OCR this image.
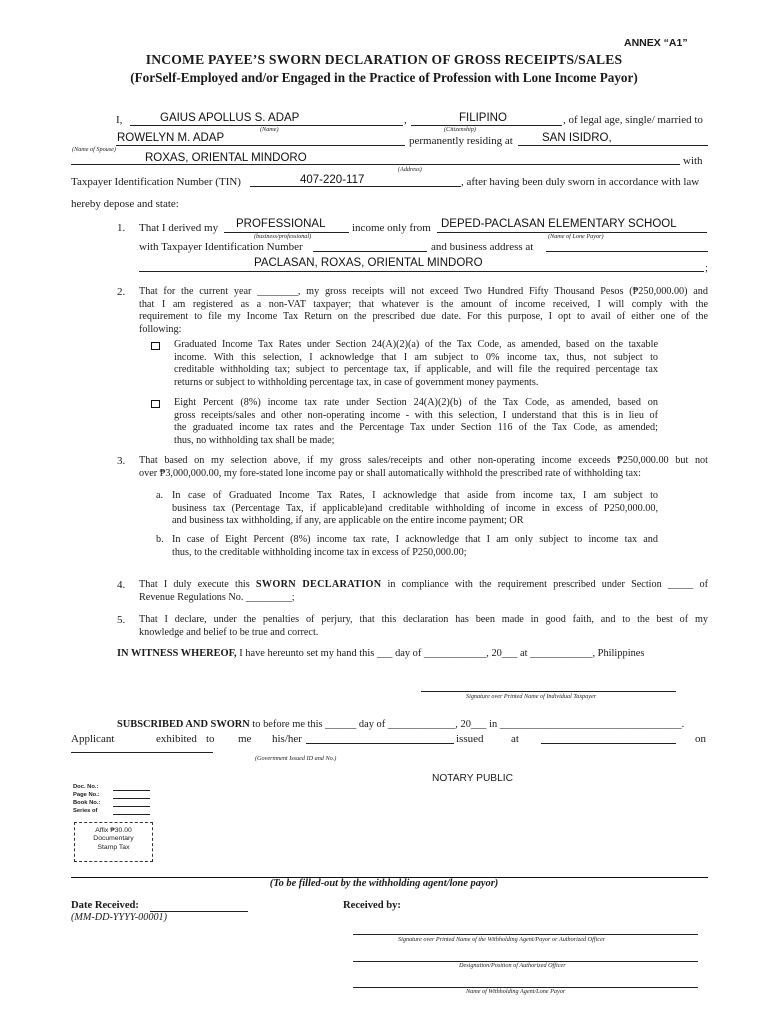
ANNEX “A1”
INCOME PAYEE’S SWORN DECLARATION OF GROSS RECEIPTS/SALES
(ForSelf-Employed and/or Engaged in the Practice of Profession with Lone Income Payor)
I,	GAIUS APOLLUS S. ADAP	,	FILIPINO	, of legal age, single/ married to
(Name)	(Citizenship)
ROWELYN M. ADAP	permanently residing at	SAN ISIDRO,
(Name of Spouse)
ROXAS, ORIENTAL MINDORO	with
(Address)
Taxpayer Identification Number (TIN)	407-220-117	, after having been duly sworn in accordance with law
hereby depose and state:
1. That I derived my PROFESSIONAL income only from DEPED-PACLASAN ELEMENTARY SCHOOL
(business/professional)	(Name of Lone Payor)
with Taxpayer Identification Number	and business address at
PACLASAN, ROXAS, ORIENTAL MINDORO	;
2. That for the current year ________, my gross receipts will not exceed Two Hundred Fifty Thousand Pesos (₱250,000.00) and
that I am registered as a non-VAT taxpayer; that whatever is the amount of income received, I will comply with the
requirement to file my Income Tax Return on the prescribed due date. For this purpose, I opt to avail of either one of the
following:
Graduated Income Tax Rates under Section 24(A)(2)(a) of the Tax Code, as amended, based on the taxable
income. With this selection, I acknowledge that I am subject to 0% income tax, thus, not subject to
creditable withholding tax; subject to percentage tax, if applicable, and will file the required percentage tax
returns or subject to withholding percentage tax, in case of government money payments.
Eight Percent (8%) income tax rate under Section 24(A)(2)(b) of the Tax Code, as amended, based on
gross receipts/sales and other non-operating income - with this selection, I understand that this is in lieu of
the graduated income tax rates and the Percentage Tax under Section 116 of the Tax Code, as amended;
thus, no withholding tax shall be made;
3. That based on my selection above, if my gross sales/receipts and other non-operating income exceeds ₱250,000.00 but not
over ₱3,000,000.00, my fore-stated lone income pay or shall automatically withhold the prescribed rate of withholding tax:
a. In case of Graduated Income Tax Rates, I acknowledge that aside from income tax, I am subject to
business tax (Percentage Tax, if applicable)and creditable withholding of income in excess of P250,000.00,
and business tax withholding, if any, are applicable on the entire income payment; OR
b. In case of Eight Percent (8%) income tax rate, I acknowledge that I am only subject to income tax and
thus, to the creditable withholding income tax in excess of P250,000.00;
4. That I duly execute this SWORN DECLARATION in compliance with the requirement prescribed under Section _____ of
Revenue Regulations No. _________;
5. That I declare, under the penalties of perjury, that this declaration has been made in good faith, and to the best of my
knowledge and belief to be true and correct.
IN WITNESS WHEREOF, I have hereunto set my hand this ___ day of ____________, 20___ at ____________, Philippines
Signature over Printed Name of Individual Taxpayer
SUBSCRIBED AND SWORN to before me this ______ day of _____________, 20___ in ___________________________________.
Applicant	exhibited to me his/her	issued	at	on
(Government Issued ID and No.)
NOTARY PUBLIC
Doc. No.:
Page No.:
Book No.:
Series of
Affix ₱30.00
Documentary
Stamp Tax
(To be filled-out by the withholding agent/lone payor)
Date Received:
(MM-DD-YYYY-00001)
Received by:
Signature over Printed Name of the Withholding Agent/Payor or Authorized Officer
Designation/Position of Authorized Officer
Name of Withholding Agent/Lone Payor
